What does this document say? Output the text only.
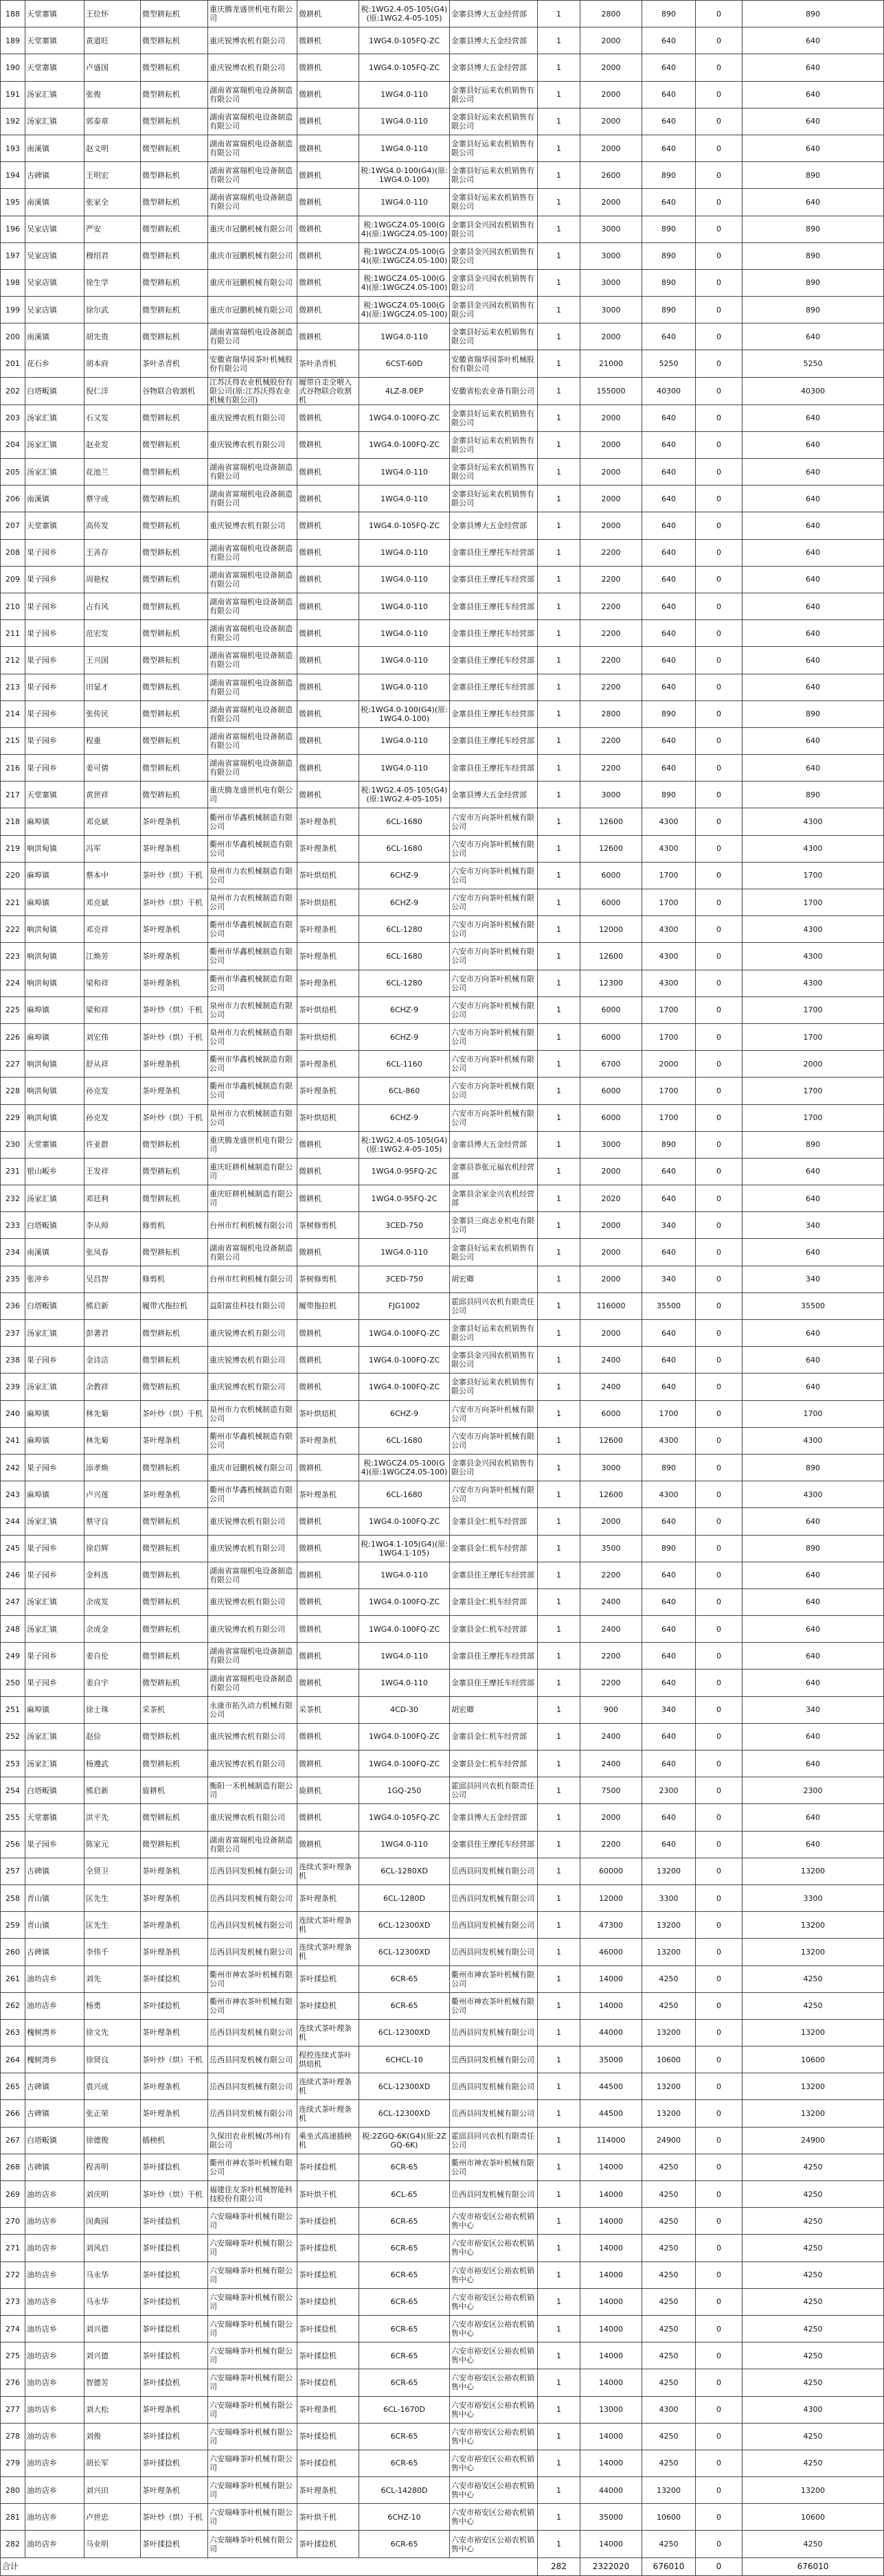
188	天堂寨镇	王位怀	微型耕耘机	重庆腾龙盛世机电有限公司	微耕机	税:1WG2.4-05-105(G4)(原:1WG2.4-05-105)	金寨县博大五金经营部	1	2800	890	0	890
189	天堂寨镇	黄道旺	微型耕耘机	重庆锐博农机有限公司	微耕机	1WG4.0-105FQ-ZC	金寨县博大五金经营部	1	2000	640	0	640
190	天堂寨镇	卢盛国	微型耕耘机	重庆锐博农机有限公司	微耕机	1WG4.0-105FQ-ZC	金寨县博大五金经营部	1	2000	640	0	640
191	汤家汇镇	张俊	微型耕耘机	湖南省富瑞机电设备制造有限公司	微耕机	1WG4.0-110	金寨县好运来农机销售有限公司	1	2000	640	0	640
192	汤家汇镇	郭泰章	微型耕耘机	湖南省富瑞机电设备制造有限公司	微耕机	1WG4.0-110	金寨县好运来农机销售有限公司	1	2000	640	0	640
193	南溪镇	赵文明	微型耕耘机	湖南省富瑞机电设备制造有限公司	微耕机	1WG4.0-110	金寨县好运来农机销售有限公司	1	2000	640	0	640
194	古碑镇	王明宏	微型耕耘机	湖南省富瑞机电设备制造有限公司	微耕机	税:1WG4.0-100(G4)(原:1WG4.0-100)	金寨县好运来农机销售有限公司	1	2600	890	0	890
195	南溪镇	张家全	微型耕耘机	湖南省富瑞机电设备制造有限公司	微耕机	1WG4.0-110	金寨县好运来农机销售有限公司	1	2000	640	0	640
196	吴家店镇	严安	微型耕耘机	重庆市冠鹏机械有限公司	微耕机	税:1WGCZ4.05-100(G4)(原:1WGCZ4.05-100)	金寨县金兴园农机销售有限公司	1	3000	890	0	890
197	吴家店镇	穆绍君	微型耕耘机	重庆市冠鹏机械有限公司	微耕机	税:1WGCZ4.05-100(G4)(原:1WGCZ4.05-100)	金寨县金兴园农机销售有限公司	1	3000	890	0	890
198	吴家店镇	徐生学	微型耕耘机	重庆市冠鹏机械有限公司	微耕机	税:1WGCZ4.05-100(G4)(原:1WGCZ4.05-100)	金寨县金兴园农机销售有限公司	1	3000	890	0	890
199	吴家店镇	徐尔武	微型耕耘机	重庆市冠鹏机械有限公司	微耕机	税:1WGCZ4.05-100(G4)(原:1WGCZ4.05-100)	金寨县金兴园农机销售有限公司	1	3000	890	0	890
200	南溪镇	胡先贵	微型耕耘机	湖南省富瑞机电设备制造有限公司	微耕机	1WG4.0-110	金寨县好运来农机销售有限公司	1	2000	640	0	640
201	花石乡	胡本府	茶叶杀青机	安徽省瑞华园茶叶机械股份有限公司	茶叶杀青机	6CST-60D	安徽省瑞华园茶叶机械股份有限公司	1	21000	5250	0	5250
202	白塔畈镇	倪仁洋	谷物联合收割机	江苏沃得农业机械股份有限公司(原:江苏沃得农业机械有限公司)	履带自走全喂入式谷物联合收割机	4LZ-8.0EP	安徽省松农业备有限公司	1	155000	40300	0	40300
203	汤家汇镇	石又发	微型耕耘机	重庆锐博农机有限公司	微耕机	1WG4.0-100FQ-ZC	金寨县好运来农机销售有限公司	1	2000	640	0	640
204	汤家汇镇	赵业发	微型耕耘机	重庆锐博农机有限公司	微耕机	1WG4.0-100FQ-ZC	金寨县好运来农机销售有限公司	1	2000	640	0	640
205	汤家汇镇	花池兰	微型耕耘机	湖南省富瑞机电设备制造有限公司	微耕机	1WG4.0-110	金寨县好运来农机销售有限公司	1	2000	640	0	640
206	南溪镇	蔡守成	微型耕耘机	湖南省富瑞机电设备制造有限公司	微耕机	1WG4.0-110	金寨县好运来农机销售有限公司	1	2000	640	0	640
207	天堂寨镇	高传发	微型耕耘机	重庆锐博农机有限公司	微耕机	1WG4.0-105FQ-ZC	金寨县博大五金经营部	1	2000	640	0	640
208	果子园乡	王善存	微型耕耘机	湖南省富瑞机电设备制造有限公司	微耕机	1WG4.0-110	金寨县佳王摩托车经营部	1	2200	640	0	640
209	果子园乡	周艳权	微型耕耘机	湖南省富瑞机电设备制造有限公司	微耕机	1WG4.0-110	金寨县佳王摩托车经营部	1	2200	640	0	640
210	果子园乡	占有风	微型耕耘机	湖南省富瑞机电设备制造有限公司	微耕机	1WG4.0-110	金寨县佳王摩托车经营部	1	2200	640	0	640
211	果子园乡	范宏发	微型耕耘机	湖南省富瑞机电设备制造有限公司	微耕机	1WG4.0-110	金寨县佳王摩托车经营部	1	2200	640	0	640
212	果子园乡	王兴国	微型耕耘机	湖南省富瑞机电设备制造有限公司	微耕机	1WG4.0-110	金寨县佳王摩托车经营部	1	2200	640	0	640
213	果子园乡	田显才	微型耕耘机	湖南省富瑞机电设备制造有限公司	微耕机	1WG4.0-110	金寨县佳王摩托车经营部	1	2200	640	0	640
214	果子园乡	张传民	微型耕耘机	湖南省富瑞机电设备制造有限公司	微耕机	税:1WG4.0-100(G4)(原:1WG4.0-100)	金寨县佳王摩托车经营部	1	2800	890	0	890
215	果子园乡	程重	微型耕耘机	湖南省富瑞机电设备制造有限公司	微耕机	1WG4.0-110	金寨县佳王摩托车经营部	1	2200	640	0	640
216	果子园乡	姜可倩	微型耕耘机	湖南省富瑞机电设备制造有限公司	微耕机	1WG4.0-110	金寨县佳王摩托车经营部	1	2200	640	0	640
217	天堂寨镇	黄世祥	微型耕耘机	重庆腾龙盛世机电有限公司	微耕机	税:1WG2.4-05-105(G4)(原:1WG2.4-05-105)	金寨县博大五金经营部	1	3000	890	0	890
218	麻埠镇	邓克斌	茶叶理条机	衢州市华鑫机械制造有限公司	茶叶理条机	6CL-1680	六安市万向茶叶机械有限公司	1	12600	4300	0	4300
219	响洪甸镇	冯军	茶叶理条机	衢州市华鑫机械制造有限公司	茶叶理条机	6CL-1680	六安市万向茶叶机械有限公司	1	12600	4300	0	4300
220	麻埠镇	蔡本中	茶叶炒（烘）干机	泉州市力农机械制造有限公司	茶叶烘焙机	6CHZ-9	六安市万向茶叶机械有限公司	1	6000	1700	0	1700
221	麻埠镇	邓克斌	茶叶炒（烘）干机	泉州市力农机械制造有限公司	茶叶烘焙机	6CHZ-9	六安市万向茶叶机械有限公司	1	6000	1700	0	1700
222	响洪甸镇	邓克祥	茶叶理条机	衢州市华鑫机械制造有限公司	茶叶理条机	6CL-1280	六安市万向茶叶机械有限公司	1	12000	4300	0	4300
223	响洪甸镇	江焕芳	茶叶理条机	衢州市华鑫机械制造有限公司	茶叶理条机	6CL-1680	六安市万向茶叶机械有限公司	1	12600	4300	0	4300
224	响洪甸镇	梁和祥	茶叶理条机	衢州市华鑫机械制造有限公司	茶叶理条机	6CL-1280	六安市万向茶叶机械有限公司	1	12300	4300	0	4300
225	麻埠镇	梁和祥	茶叶炒（烘）干机	泉州市力农机械制造有限公司	茶叶烘焙机	6CHZ-9	六安市万向茶叶机械有限公司	1	6000	1700	0	1700
226	麻埠镇	刘宏伟	茶叶炒（烘）干机	泉州市力农机械制造有限公司	茶叶烘焙机	6CHZ-9	六安市万向茶叶机械有限公司	1	6000	1700	0	1700
227	响洪甸镇	舒从祥	茶叶理条机	衢州市华鑫机械制造有限公司	茶叶理条机	6CL-1160	六安市万向茶叶机械有限公司	1	6700	2000	0	2000
228	响洪甸镇	孙克发	茶叶理条机	衢州市华鑫机械制造有限公司	茶叶理条机	6CL-860	六安市万向茶叶机械有限公司	1	6000	1700	0	1700
229	响洪甸镇	孙克发	茶叶炒（烘）干机	泉州市力农机械制造有限公司	茶叶烘焙机	6CHZ-9	六安市万向茶叶机械有限公司	1	6000	1700	0	1700
230	天堂寨镇	许亚群	微型耕耘机	重庆腾龙盛世机电有限公司	微耕机	税:1WG2.4-05-105(G4)(原:1WG2.4-05-105)	金寨县博大五金经营部	1	3000	890	0	890
231	银山畈乡	王发祥	微型耕耘机	重庆旺耕机械制造有限公司	微耕机	1WG4.0-95FQ-2C	金寨县恭张元福农机经营部	1	2000	640	0	640
232	汤家汇镇	邓廷利	微型耕耘机	重庆旺耕机械制造有限公司	微耕机	1WG4.0-95FQ-2C	金寨县余家金兴农机经营部	1	2020	640	0	640
233	白塔畈镇	李从师	修剪机	台州市红利机械有限公司	茶树修剪机	3CED-750	金寨县三商志业机电有限公司	1	2000	340	0	340
234	南溪镇	张凤春	微型耕耘机	湖南省富瑞机电设备制造有限公司	微耕机	1WG4.0-110	金寨县好运来农机销售有限公司	1	2000	640	0	640
235	张冲乡	吴昌智	修剪机	台州市红利机械有限公司	茶树修剪机	3CED-750	胡宏卿	1	2000	340	0	340
236	白塔畈镇	熊启新	履带式拖拉机	益阳富佳科技有限公司	履带拖拉机	FJG1002	霍邱县同兴农机有限责任公司	1	116000	35500	0	35500
237	汤家汇镇	彭著君	微型耕耘机	重庆锐博农机有限公司	微耕机	1WG4.0-100FQ-ZC	金寨县好运来农机销售有限公司	1	2000	640	0	640
238	果子园乡	金诗洁	微型耕耘机	重庆锐博农机有限公司	微耕机	1WG4.0-100FQ-ZC	金寨县金兴园农机销售有限公司	1	2400	640	0	640
239	汤家汇镇	余教祥	微型耕耘机	重庆锐博农机有限公司	微耕机	1WG4.0-100FQ-ZC	金寨县好运来农机销售有限公司	1	2400	640	0	640
240	麻埠镇	林先菊	茶叶炒（烘）干机	泉州市力农机械制造有限公司	茶叶烘焙机	6CHZ-9	六安市万向茶叶机械有限公司	1	6000	1700	0	1700
241	麻埠镇	林先菊	茶叶理条机	衢州市华鑫机械制造有限公司	茶叶理条机	6CL-1680	六安市万向茶叶机械有限公司	1	12600	4300	0	4300
242	果子园乡	添孝焕	微型耕耘机	重庆市冠鹏机械有限公司	微耕机	税:1WGCZ4.05-100(G4)(原:1WGCZ4.05-100)	金寨县金兴园农机销售有限公司	1	3000	890	0	890
243	麻埠镇	卢兴莲	茶叶理条机	衢州市华鑫机械制造有限公司	茶叶理条机	6CL-1680	六安市万向茶叶机械有限公司	1	12600	4300	0	4300
244	汤家汇镇	蔡守良	微型耕耘机	重庆锐博农机有限公司	微耕机	1WG4.0-100FQ-ZC	金寨县金仁机车经营部	1	2000	640	0	640
245	果子园乡	徐启辉	微型耕耘机	重庆锐博农机有限公司	微耕机	税:1WG4.1-105(G4)(原:1WG4.1-105)	金寨县金仁机车经营部	1	3500	890	0	890
246	果子园乡	金科选	微型耕耘机	湖南省富瑞机电设备制造有限公司	微耕机	1WG4.0-110	金寨县佳王摩托车经营部	1	2200	640	0	640
247	汤家汇镇	余成发	微型耕耘机	重庆锐博农机有限公司	微耕机	1WG4.0-100FQ-ZC	金寨县金仁机车经营部	1	2400	640	0	640
248	汤家汇镇	余成金	微型耕耘机	重庆锐博农机有限公司	微耕机	1WG4.0-100FQ-ZC	金寨县金仁机车经营部	1	2400	640	0	640
249	果子园乡	姜自伦	微型耕耘机	湖南省富瑞机电设备制造有限公司	微耕机	1WG4.0-110	金寨县佳王摩托车经营部	1	2200	640	0	640
250	果子园乡	姜自宇	微型耕耘机	湖南省富瑞机电设备制造有限公司	微耕机	1WG4.0-110	金寨县佳王摩托车经营部	1	2200	640	0	640
251	麻埠镇	徐士珠	采茶机	永康市拓久动力机械有限公司	采茶机	4CD-30	胡宏卿	1	900	340	0	340
252	汤家汇镇	赵俭	微型耕耘机	重庆锐博农机有限公司	微耕机	1WG4.0-100FQ-ZC	金寨县金仁机车经营部	1	2400	640	0	640
253	汤家汇镇	杨遵武	微型耕耘机	重庆锐博农机有限公司	微耕机	1WG4.0-100FQ-ZC	金寨县金仁机车经营部	1	2400	640	0	640
254	白塔畈镇	熊启新	旋耕机	衡阳一禾机械制造有限公司	旋耕机	1GQ-250	霍邱县同兴农机有限责任公司	1	7500	2300	0	2300
255	天堂寨镇	洪平先	微型耕耘机	重庆锐博农机有限公司	微耕机	1WG4.0-105FQ-ZC	金寨县博大五金经营部	1	2000	640	0	640
256	果子园乡	陈家元	微型耕耘机	湖南省富瑞机电设备制造有限公司	微耕机	1WG4.0-110	金寨县佳王摩托车经营部	1	2200	640	0	640
257	古碑镇	全贤卫	茶叶理条机	岳西县同发机械有限公司	连续式茶叶理条机	6CL-1280XD	岳西县同发机械有限公司	1	60000	13200	0	13200
258	青山镇	匡先生	茶叶理条机	岳西县同发机械有限公司	茶叶理条机	6CL-1280D	岳西县同发机械有限公司	1	12000	3300	0	3300
259	青山镇	匡先生	茶叶理条机	岳西县同发机械有限公司	连续式茶叶理条机	6CL-12300XD	岳西县同发机械有限公司	1	47300	13200	0	13200
260	古碑镇	李伟千	茶叶理条机	岳西县同发机械有限公司	连续式茶叶理条机	6CL-12300XD	岳西县同发机械有限公司	1	46000	13200	0	13200
261	油坊店乡	刘先	茶叶揉捻机	衢州市神农茶叶机械有限公司	茶叶揉捻机	6CR-65	衢州市神农茶叶机械有限公司	1	14000	4250	0	4250
262	油坊店乡	杨勇	茶叶揉捻机	衢州市神农茶叶机械有限公司	茶叶揉捻机	6CR-65	衢州市神农茶叶机械有限公司	1	14000	4250	0	4250
263	槐树湾乡	徐文先	茶叶理条机	岳西县同发机械有限公司	连续式茶叶理条机	6CL-12300XD	岳西县同发机械有限公司	1	44000	13200	0	13200
264	槐树湾乡	徐贤良	茶叶炒（烘）干机	岳西县同发机械有限公司	程控连续式茶叶烘焙机	6CHCL-10	岳西县同发机械有限公司	1	35000	10600	0	10600
265	古碑镇	袁兴成	茶叶理条机	岳西县同发机械有限公司	连续式茶叶理条机	6CL-12300XD	岳西县同发机械有限公司	1	44500	13200	0	13200
266	古碑镇	张正荣	茶叶理条机	岳西县同发机械有限公司	连续式茶叶理条机	6CL-12300XD	岳西县同发机械有限公司	1	44500	13200	0	13200
267	白塔畈镇	徐德俊	插秧机	久保田农业机械(苏州)有限公司	乘坐式高速插秧机	税:2ZGQ-6K(G4)(原:2ZGQ-6K)	霍邱县同兴农机有限责任公司	1	114000	24900	0	24900
268	古碑镇	程善明	茶叶揉捻机	衢州市神农茶叶机械有限公司	茶叶揉捻机	6CR-65	衢州市神农茶叶机械有限公司	1	14000	4250	0	4250
269	油坊店乡	刘庆明	茶叶炒（烘）干机	福建佳友茶叶机械智能科技股份有限公司	茶叶烘干机	6CL-65	岳西县同发机械有限公司	1	14000	4250	0	4250
270	油坊店乡	闵典园	茶叶揉捻机	六安瑞峰茶叶机械有限公司	茶叶揉捻机	6CR-65	六安市裕安区公裕农机销售中心	1	14000	4250	0	4250
271	油坊店乡	刘风启	茶叶揉捻机	六安瑞峰茶叶机械有限公司	茶叶揉捻机	6CR-65	六安市裕安区公裕农机销售中心	1	14000	4250	0	4250
272	油坊店乡	马永华	茶叶揉捻机	六安瑞峰茶叶机械有限公司	茶叶揉捻机	6CR-65	六安市裕安区公裕农机销售中心	1	14000	4250	0	4250
273	油坊店乡	马永华	茶叶揉捻机	六安瑞峰茶叶机械有限公司	茶叶揉捻机	6CR-65	六安市裕安区公裕农机销售中心	1	14000	4250	0	4250
274	油坊店乡	刘兴德	茶叶揉捻机	六安瑞峰茶叶机械有限公司	茶叶揉捻机	6CR-65	六安市裕安区公裕农机销售中心	1	14000	4250	0	4250
275	油坊店乡	刘兴德	茶叶揉捻机	六安瑞峰茶叶机械有限公司	茶叶揉捻机	6CR-65	六安市裕安区公裕农机销售中心	1	14000	4250	0	4250
276	油坊店乡	智德芳	茶叶揉捻机	六安瑞峰茶叶机械有限公司	茶叶揉捻机	6CR-65	六安市裕安区公裕农机销售中心	1	14000	4250	0	4250
277	油坊店乡	刘大松	茶叶理条机	六安瑞峰茶叶机械有限公司	茶叶理条机	6CL-1670D	六安市裕安区公裕农机销售中心	1	13000	4300	0	4300
278	油坊店乡	刘俊	茶叶揉捻机	六安瑞峰茶叶机械有限公司	茶叶揉捻机	6CR-65	六安市裕安区公裕农机销售中心	1	14000	4250	0	4250
279	油坊店乡	胡长军	茶叶揉捻机	六安瑞峰茶叶机械有限公司	茶叶揉捻机	6CR-65	六安市裕安区公裕农机销售中心	1	14000	4250	0	4250
280	油坊店乡	刘兴田	茶叶理条机	六安瑞峰茶叶机械有限公司	茶叶理条机	6CL-14280D	六安市裕安区公裕农机销售中心	1	44000	13200	0	13200
281	油坊店乡	卢世忠	茶叶炒（烘）干机	六安瑞峰茶叶机械有限公司	茶叶烘干机	6CHZ-10	六安市裕安区公裕农机销售中心	1	35000	10600	0	10600
282	油坊店乡	马业明	茶叶揉捻机	六安瑞峰茶叶机械有限公司	茶叶揉捻机	6CR-65	六安市裕安区公裕农机销售中心	1	14000	4250	0	4250
合计								282	2322020	676010	0	676010
